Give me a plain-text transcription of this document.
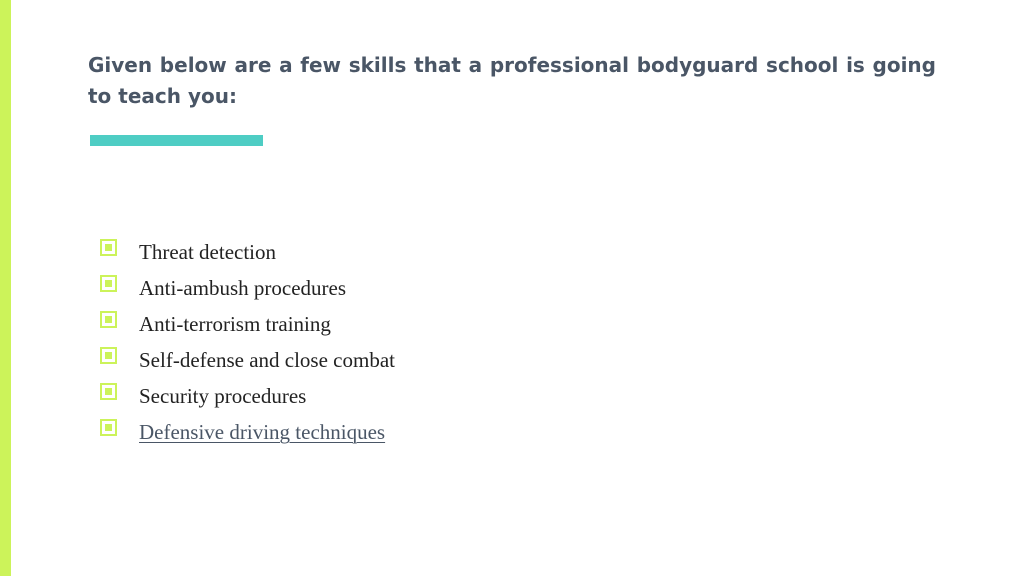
Given below are a few skills that a professional bodyguard school is going to teach you:
Threat detection
Anti-ambush procedures
Anti-terrorism training
Self-defense and close combat
Security procedures
Defensive driving techniques
